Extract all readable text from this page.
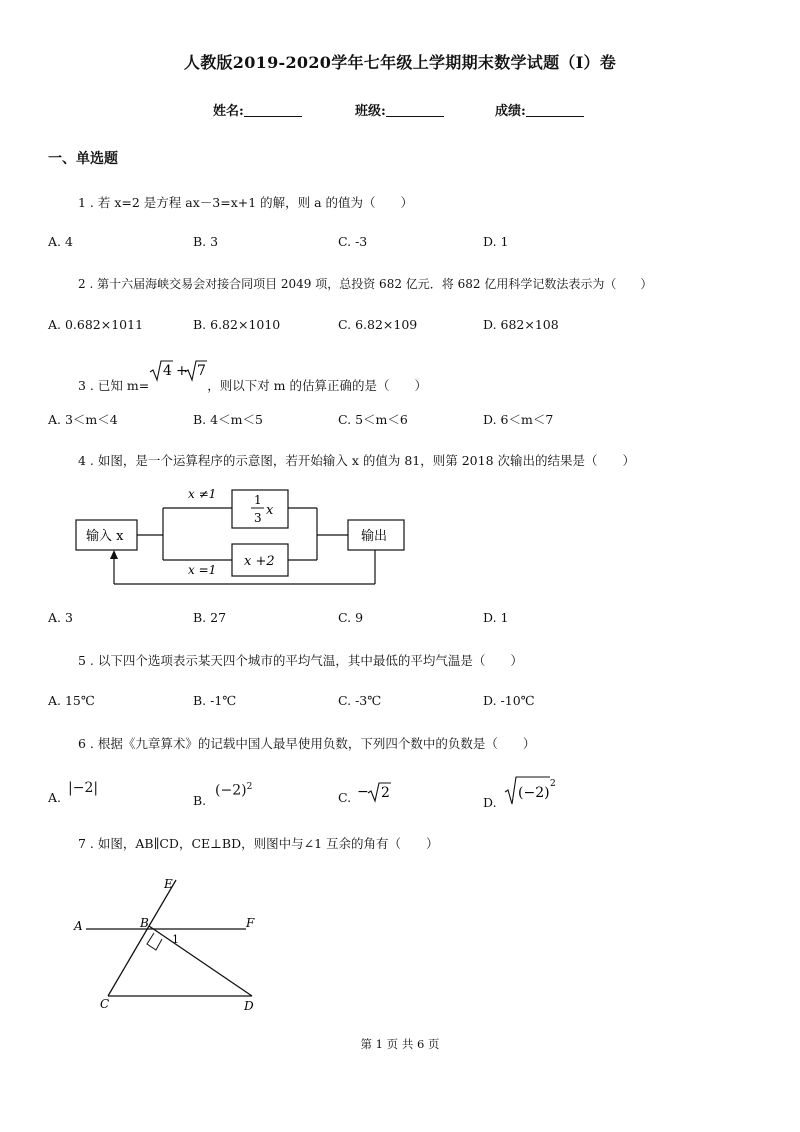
人教版2019-2020学年七年级上学期期末数学试题（I）卷
姓名:	班级:	成绩:
一、单选题
1 . 若 x=2 是方程 ax－3=x+1 的解，则 a 的值为（　　）
A. 4	B. 3	C. -3	D. 1
2 . 第十六届海峡交易会对接合同项目 2049 项，总投资 682 亿元．将 682 亿用科学记数法表示为（　　）
A. 0.682×1011	B. 6.82×1010	C. 6.82×109	D. 682×108
3 . 已知 m=
4 + 7
，则以下对 m 的估算正确的是（　　）
A. 3＜m＜4	B. 4＜m＜5	C. 5＜m＜6	D. 6＜m＜7
4 . 如图，是一个运算程序的示意图，若开始输入 x 的值为 81，则第 2018 次输出的结果是（　　）
输入 x	输出
1
3 x
x +2
x ≠1
x =1
A. 3	B. 27	C. 9	D. 1
5 . 以下四个选项表示某天四个城市的平均气温，其中最低的平均气温是（　　）
A. 15℃	B. -1℃	C. -3℃	D. -10℃
6 . 根据《九章算术》的记载中国人最早使用负数，下列四个数中的负数是（　　）
A.
|−2|
B.
$(-2)^2$
C. − 2
D.
(−2)
2
7 . 如图，AB∥CD，CE⊥BD，则图中与∠1 互余的角有（　　）
E
A	B	F
1
C	D
第 1 页 共 6 页
